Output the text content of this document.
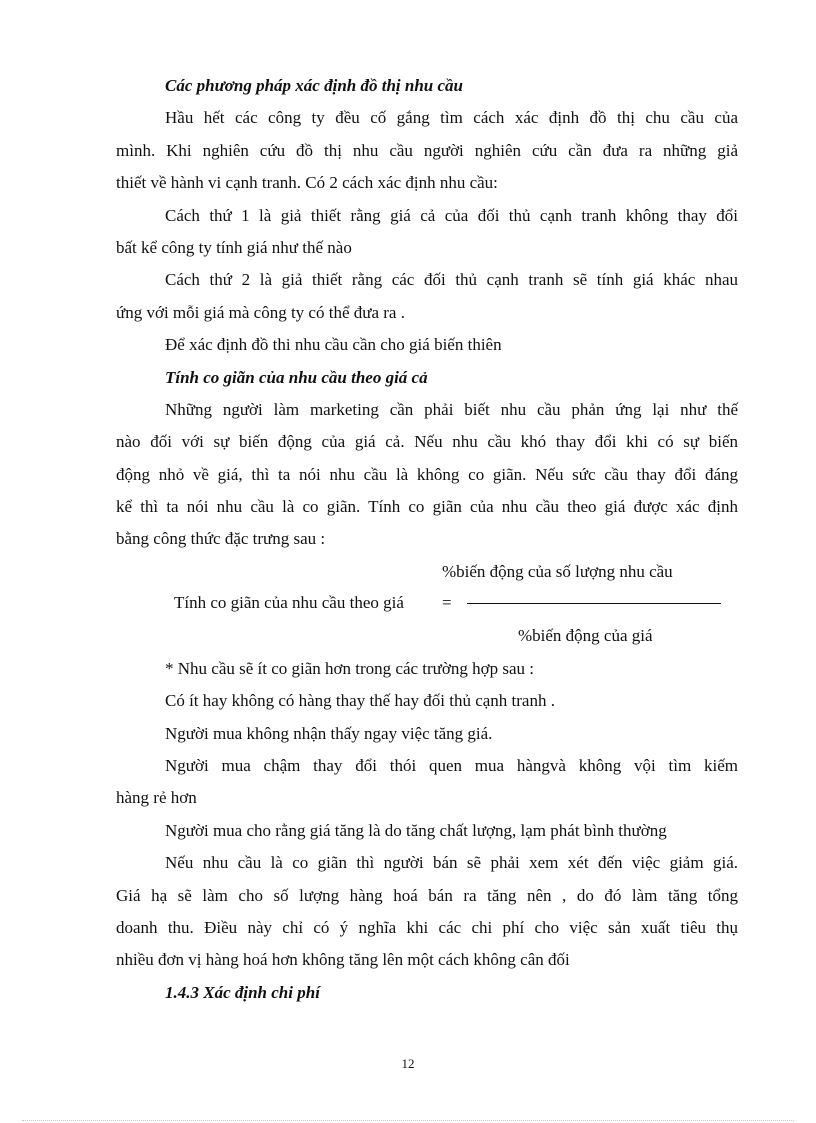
Các phương pháp xác định đồ thị nhu cầu
Hầu hết các công ty đều cố gắng tìm cách xác định đồ thị chu cầu của
mình. Khi nghiên cứu đồ thị nhu cầu người nghiên cứu cần đưa ra những giả
thiết về hành vi cạnh tranh. Có 2 cách xác định nhu cầu:
Cách thứ 1 là giả thiết rằng giá cả của đối thủ cạnh tranh không thay đổi
bất kể công ty tính giá như thế nào
Cách thứ 2 là giả thiết rằng các đối thủ cạnh tranh sẽ tính giá khác nhau
ứng với mỗi giá mà công ty có thể đưa ra .
Để xác định đồ thi nhu cầu cần cho giá biến thiên
Tính co giãn của nhu cầu theo giá cả
Những người làm marketing cần phải biết nhu cầu phản ứng lại như thế
nào đối với sự biến động của giá cả. Nếu nhu cầu khó thay đổi khi có sự biến
động nhỏ về giá, thì ta nói nhu cầu là không co giãn. Nếu sức cầu thay đổi đáng
kể thì ta nói nhu cầu là co giãn. Tính co giãn của nhu cầu theo giá được xác định
bằng công thức đặc trưng sau :
%biến động của số lượng nhu cầu
Tính co giãn của nhu cầu theo giá =
%biến động của giá
* Nhu cầu sẽ ít co giãn hơn trong các trường hợp sau :
Có ít hay không có hàng thay thế hay đối thủ cạnh tranh .
Người mua không nhận thấy ngay việc tăng giá.
Người mua chậm thay đổi thói quen mua hàngvà không vội tìm kiếm
hàng rẻ hơn
Người mua cho rằng giá tăng là do tăng chất lượng, lạm phát bình thường
Nếu nhu cầu là co giãn thì người bán sẽ phải xem xét đến việc giảm giá.
Giá hạ sẽ làm cho số lượng hàng hoá bán ra tăng nên , do đó làm tăng tổng
doanh thu. Điều này chỉ có ý nghĩa khi các chi phí cho việc sản xuất tiêu thụ
nhiều đơn vị hàng hoá hơn không tăng lên một cách không cân đối
1.4.3 Xác định chi phí
12
